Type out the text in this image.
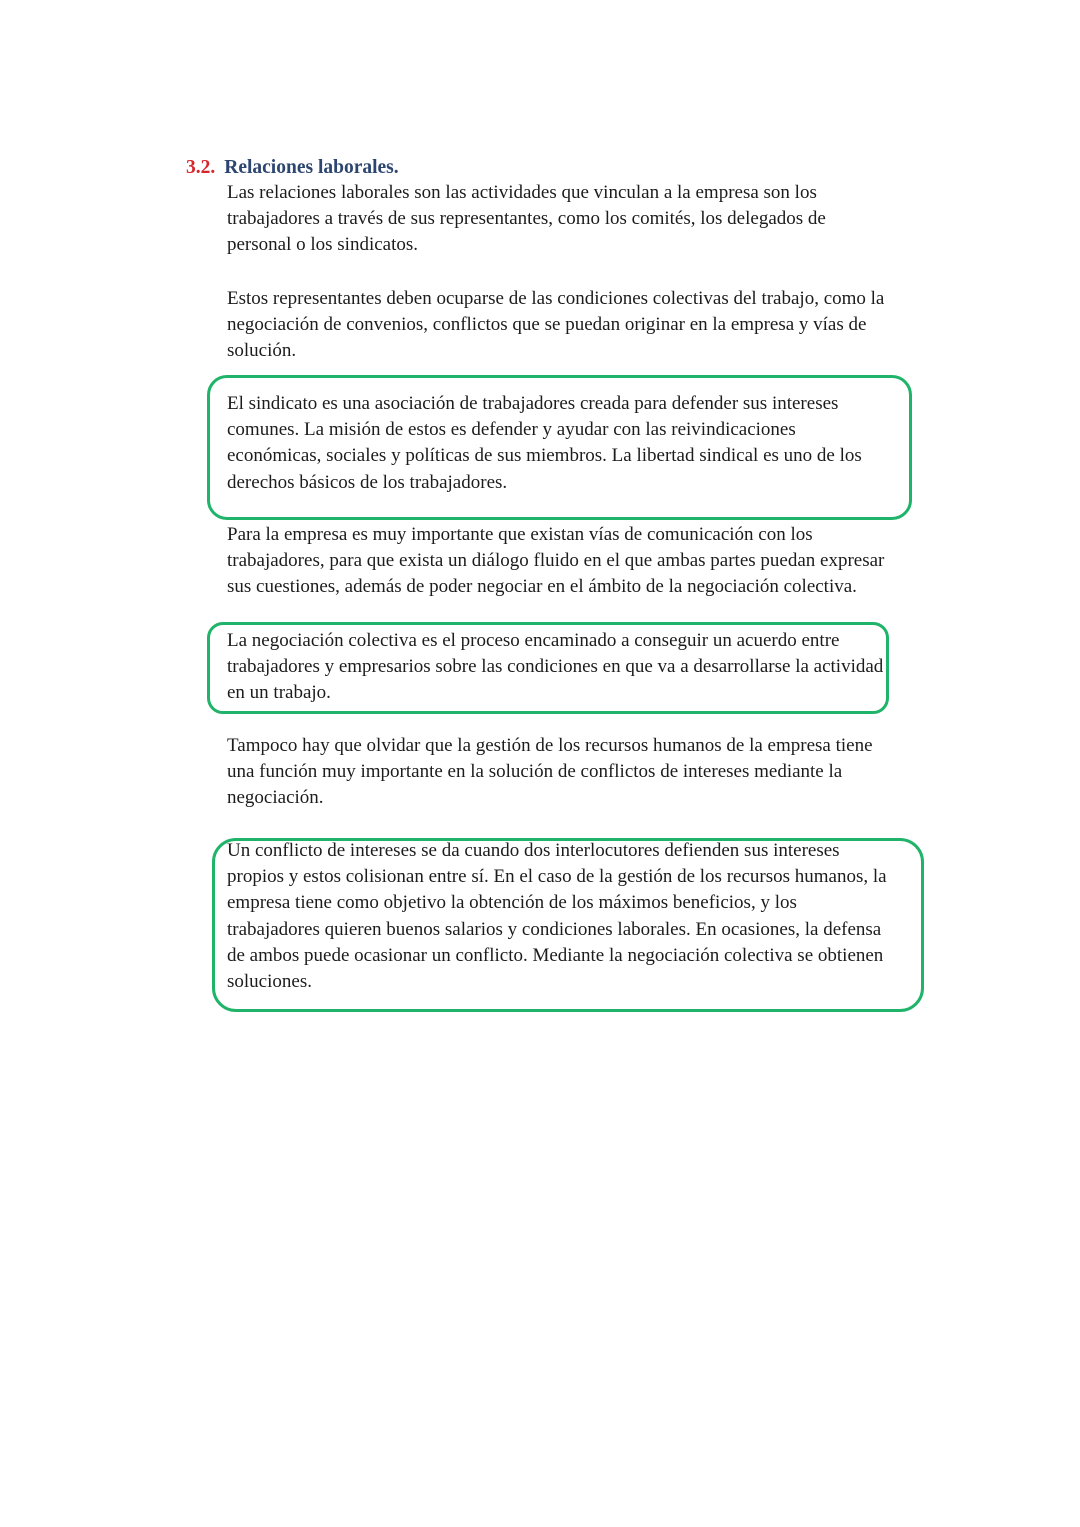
3.2. Relaciones laborales.

Las relaciones laborales son las actividades que vinculan a la empresa son los
trabajadores a través de sus representantes, como los comités, los delegados de
personal o los sindicatos.

Estos representantes deben ocuparse de las condiciones colectivas del trabajo, como la
negociación de convenios, conflictos que se puedan originar en la empresa y vías de
solución.

El sindicato es una asociación de trabajadores creada para defender sus intereses
comunes. La misión de estos es defender y ayudar con las reivindicaciones
económicas, sociales y políticas de sus miembros. La libertad sindical es uno de los
derechos básicos de los trabajadores.

Para la empresa es muy importante que existan vías de comunicación con los
trabajadores, para que exista un diálogo fluido en el que ambas partes puedan expresar
sus cuestiones, además de poder negociar en el ámbito de la negociación colectiva.

La negociación colectiva es el proceso encaminado a conseguir un acuerdo entre
trabajadores y empresarios sobre las condiciones en que va a desarrollarse la actividad
en un trabajo.

Tampoco hay que olvidar que la gestión de los recursos humanos de la empresa tiene
una función muy importante en la solución de conflictos de intereses mediante la
negociación.

Un conflicto de intereses se da cuando dos interlocutores defienden sus intereses
propios y estos colisionan entre sí. En el caso de la gestión de los recursos humanos, la
empresa tiene como objetivo la obtención de los máximos beneficios, y los
trabajadores quieren buenos salarios y condiciones laborales. En ocasiones, la defensa
de ambos puede ocasionar un conflicto. Mediante la negociación colectiva se obtienen
soluciones.
